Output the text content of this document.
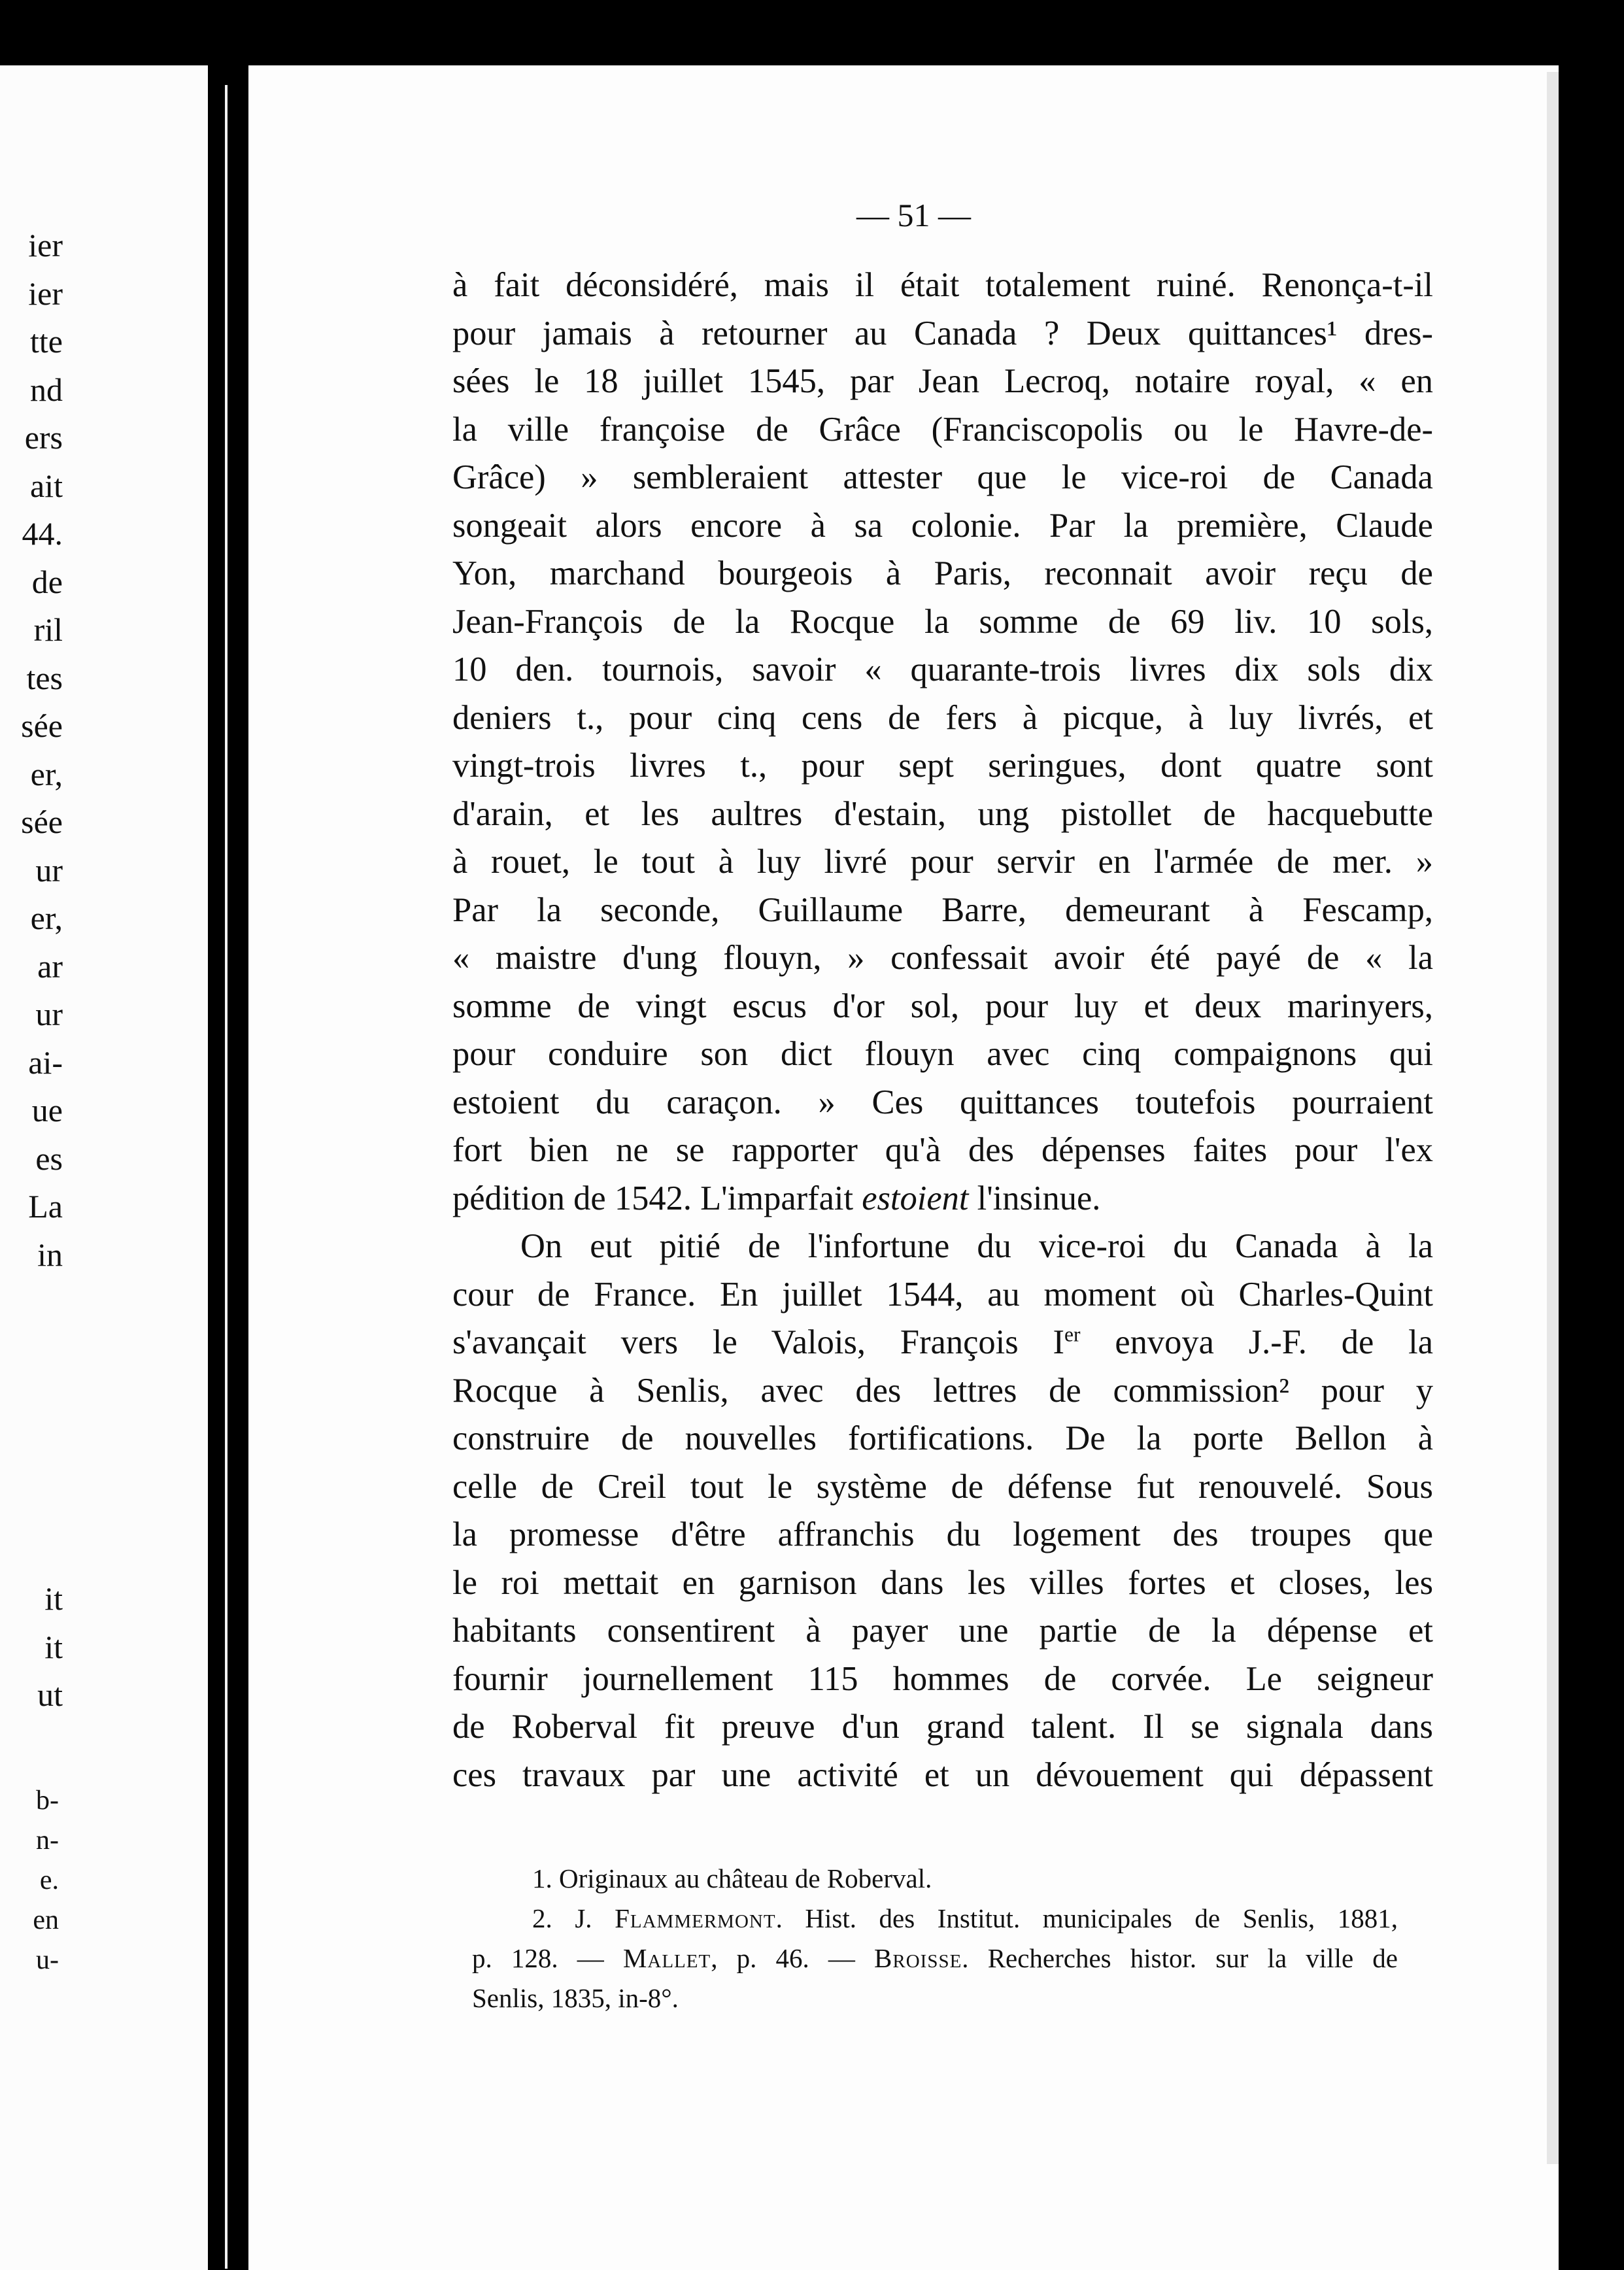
ier
ier
tte
nd
ers
ait
44.
de
ril
tes
sée
er,
sée
ur
er,
ar
ur
ai-
ue
es
La
in
it
it
ut
b-
n-
e.
en
u-
— 51 —
à fait déconsidéré, mais il était totalement ruiné. Renonça-t-il
pour jamais à retourner au Canada ? Deux quittances¹ dres-
sées le 18 juillet 1545, par Jean Lecroq, notaire royal, « en
la ville françoise de Grâce (Franciscopolis ou le Havre-de-
Grâce) » sembleraient attester que le vice-roi de Canada
songeait alors encore à sa colonie. Par la première, Claude
Yon, marchand bourgeois à Paris, reconnait avoir reçu de
Jean-François de la Rocque la somme de 69 liv. 10 sols,
10 den. tournois, savoir « quarante-trois livres dix sols dix
deniers t., pour cinq cens de fers à picque, à luy livrés, et
vingt-trois livres t., pour sept seringues, dont quatre sont
d'arain, et les aultres d'estain, ung pistollet de hacquebutte
à rouet, le tout à luy livré pour servir en l'armée de mer. »
Par la seconde, Guillaume Barre, demeurant à Fescamp,
« maistre d'ung flouyn, » confessait avoir été payé de « la
somme de vingt escus d'or sol, pour luy et deux marinyers,
pour conduire son dict flouyn avec cinq compaignons qui
estoient du caraçon. » Ces quittances toutefois pourraient
fort bien ne se rapporter qu'à des dépenses faites pour l'ex
pédition de 1542. L'imparfait estoient l'insinue.
On eut pitié de l'infortune du vice-roi du Canada à la
cour de France. En juillet 1544, au moment où Charles-Quint
s'avançait vers le Valois, François Ier envoya J.-F. de la
Rocque à Senlis, avec des lettres de commission² pour y
construire de nouvelles fortifications. De la porte Bellon à
celle de Creil tout le système de défense fut renouvelé. Sous
la promesse d'être affranchis du logement des troupes que
le roi mettait en garnison dans les villes fortes et closes, les
habitants consentirent à payer une partie de la dépense et
fournir journellement 115 hommes de corvée. Le seigneur
de Roberval fit preuve d'un grand talent. Il se signala dans
ces travaux par une activité et un dévouement qui dépassent
1. Originaux au château de Roberval.
2. J. Flammermont. Hist. des Institut. municipales de Senlis, 1881,
p. 128. — Mallet, p. 46. — Broisse. Recherches histor. sur la ville de
Senlis, 1835, in-8°.
